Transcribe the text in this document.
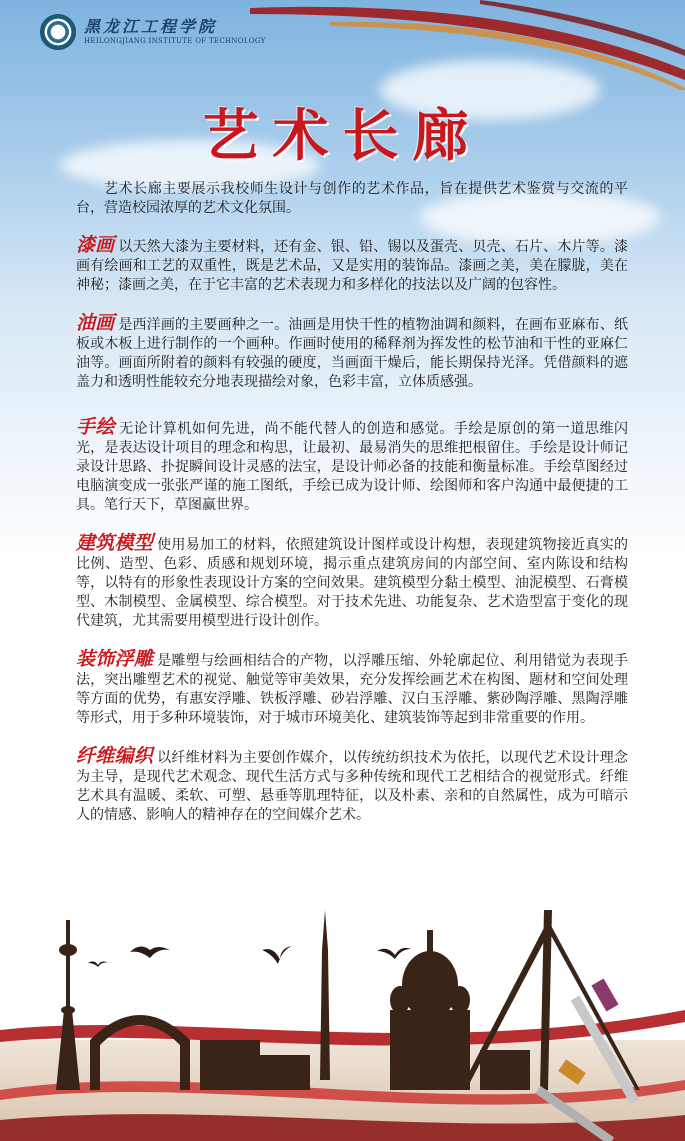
黑龙江工程学院
HEILONGJIANG INSTITUTE OF TECHNOLOGY
艺术长廊

艺术长廊主要展示我校师生设计与创作的艺术作品，旨在提供艺术鉴赏与交流的平台，营造校园浓厚的艺术文化氛围。

漆画 以天然大漆为主要材料，还有金、银、铅、锡以及蛋壳、贝壳、石片、木片等。漆画有绘画和工艺的双重性，既是艺术品，又是实用的装饰品。漆画之美，美在朦胧，美在神秘；漆画之美，在于它丰富的艺术表现力和多样化的技法以及广阔的包容性。

油画 是西洋画的主要画种之一。油画是用快干性的植物油调和颜料，在画布亚麻布、纸板或木板上进行制作的一个画种。作画时使用的稀释剂为挥发性的松节油和干性的亚麻仁油等。画面所附着的颜料有较强的硬度，当画面干燥后，能长期保持光泽。凭借颜料的遮盖力和透明性能较充分地表现描绘对象，色彩丰富，立体质感强。

手绘 无论计算机如何先进，尚不能代替人的创造和感觉。手绘是原创的第一道思维闪光，是表达设计项目的理念和构思，让最初、最易消失的思维把根留住。手绘是设计师记录设计思路、扑捉瞬间设计灵感的法宝，是设计师必备的技能和衡量标准。手绘草图经过电脑演变成一张张严谨的施工图纸，手绘已成为设计师、绘图师和客户沟通中最便捷的工具。笔行天下，草图赢世界。

建筑模型 使用易加工的材料，依照建筑设计图样或设计构想，表现建筑物接近真实的比例、造型、色彩、质感和规划环境，揭示重点建筑房间的内部空间、室内陈设和结构等，以特有的形象性表现设计方案的空间效果。建筑模型分黏土模型、油泥模型、石膏模型、木制模型、金属模型、综合模型。对于技术先进、功能复杂、艺术造型富于变化的现代建筑，尤其需要用模型进行设计创作。

装饰浮雕 是雕塑与绘画相结合的产物，以浮雕压缩、外轮廓起位、利用错觉为表现手法，突出雕塑艺术的视觉、触觉等审美效果，充分发挥绘画艺术在构图、题材和空间处理等方面的优势，有惠安浮雕、铁板浮雕、砂岩浮雕、汉白玉浮雕、紫砂陶浮雕、黑陶浮雕等形式，用于多种环境装饰，对于城市环境美化、建筑装饰等起到非常重要的作用。

纤维编织 以纤维材料为主要创作媒介，以传统纺织技术为依托，以现代艺术设计理念为主导，是现代艺术观念、现代生活方式与多种传统和现代工艺相结合的视觉形式。纤维艺术具有温暖、柔软、可塑、悬垂等肌理特征，以及朴素、亲和的自然属性，成为可暗示人的情感、影响人的精神存在的空间媒介艺术。
